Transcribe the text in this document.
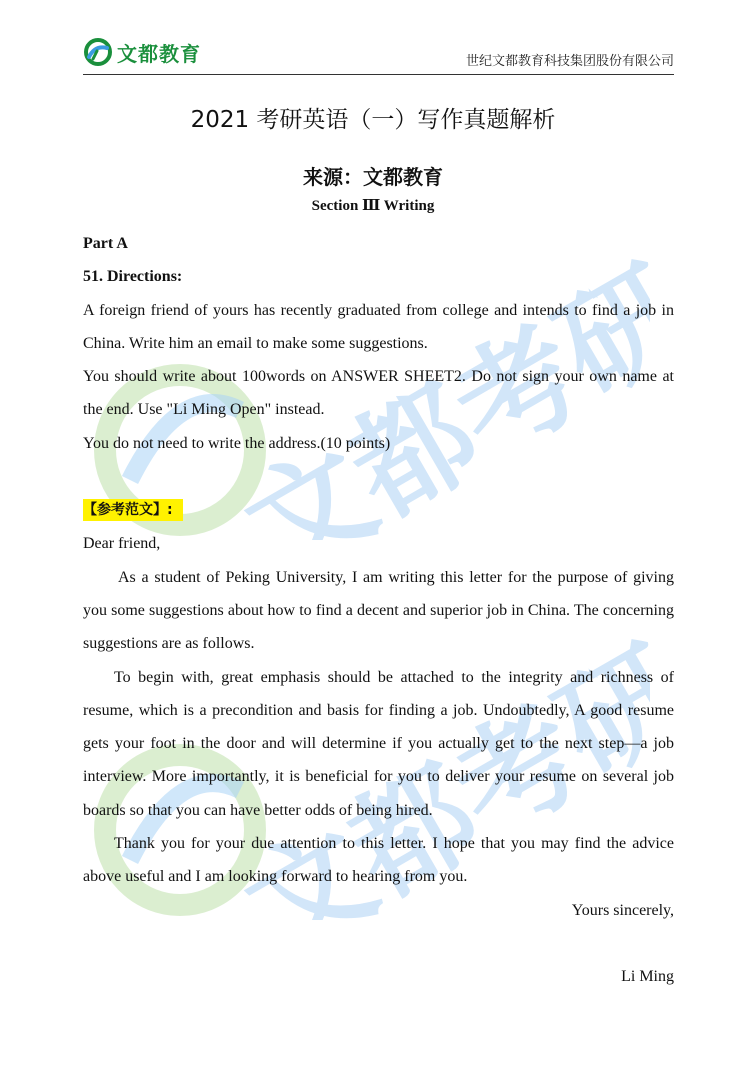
文都考研
文都考研
文都教育	世纪文都教育科技集团股份有限公司
2021 考研英语（一）写作真题解析
来源：文都教育
Section Ⅲ Writing

Part A

51. Directions:

A foreign friend of yours has recently graduated from college and intends to find a job in China. Write him an email to make some suggestions.

You should write about 100words on ANSWER SHEET2. Do not sign your own name at the end. Use "Li Ming Open" instead.

You do not need to write the address.(10 points)

【参考范文】:

Dear friend,

As a student of Peking University, I am writing this letter for the purpose of giving you some suggestions about how to find a decent and superior job in China. The concerning suggestions are as follows.

To begin with, great emphasis should be attached to the integrity and richness of resume, which is a precondition and basis for finding a job. Undoubtedly, A good resume gets your foot in the door and will determine if you actually get to the next step—a job interview. More importantly, it is beneficial for you to deliver your resume on several job boards so that you can have better odds of being hired.

Thank you for your due attention to this letter. I hope that you may find the advice above useful and I am looking forward to hearing from you.

Yours sincerely,

Li Ming
